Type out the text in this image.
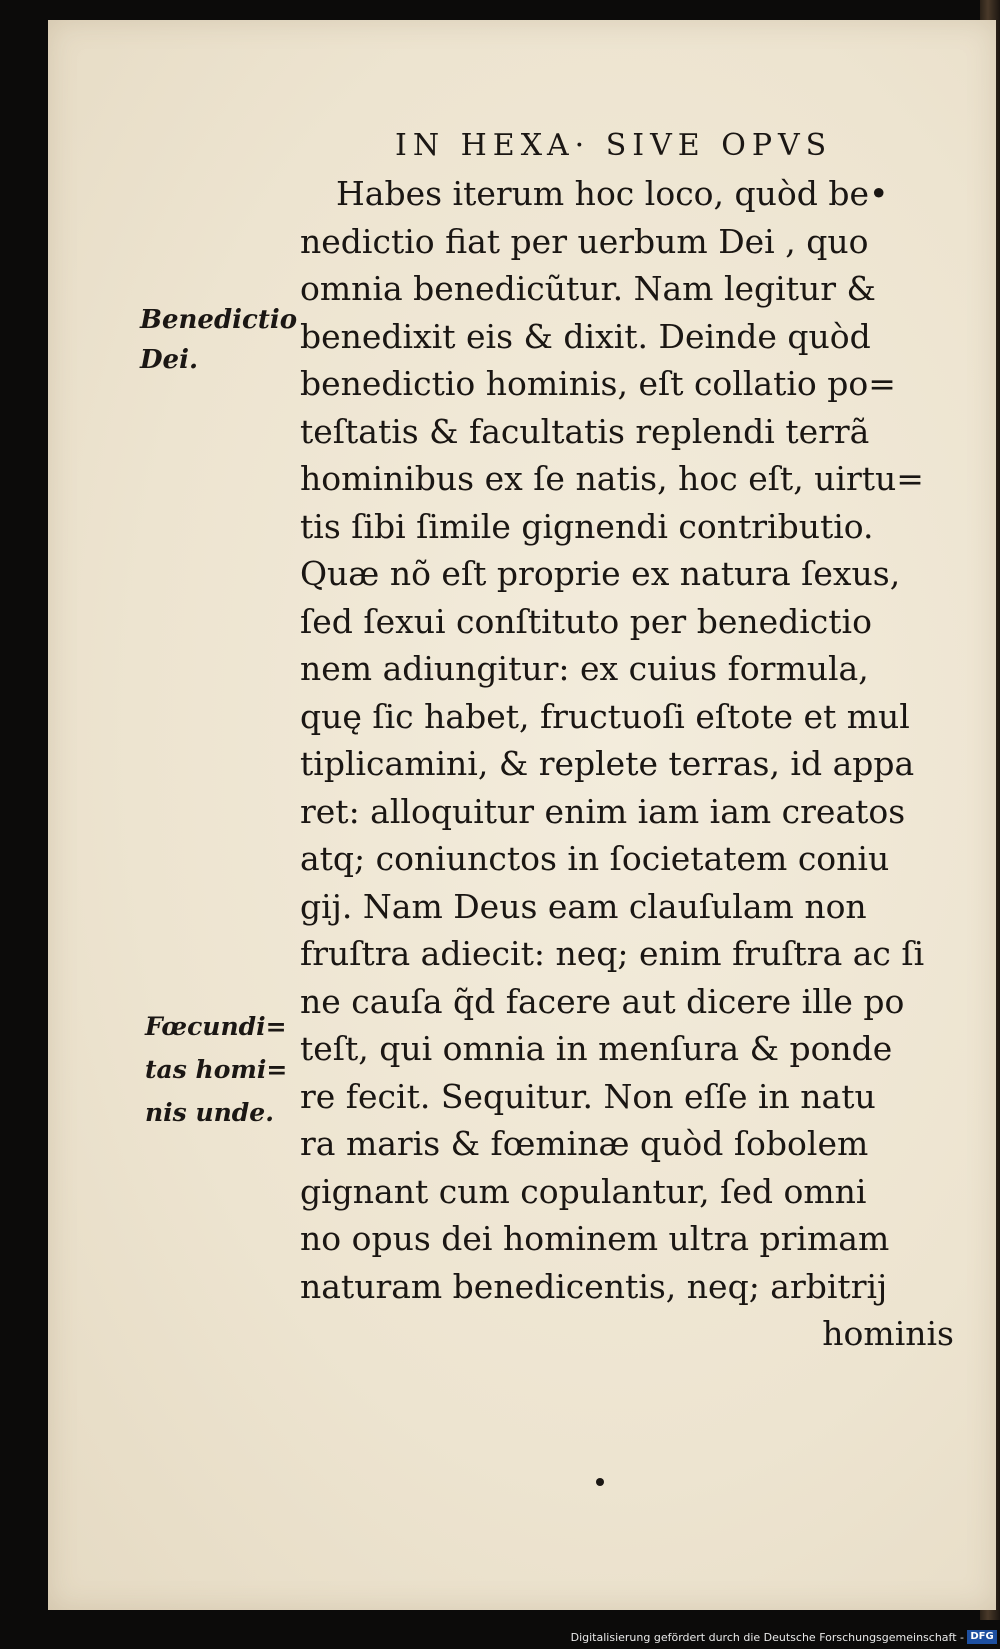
IN HEXA· SIVE OPVS
Habes iterum hoc loco, quòd be•
nedictio fiat per uerbum Dei , quo
omnia benedicũtur. Nam legitur &
benedixit eis & dixit. Deinde quòd
benedictio hominis, eſt collatio po=
teſtatis & facultatis replendi terrã
hominibus ex ſe natis, hoc eſt, uirtu=
tis ſibi ſimile gignendi contributio.
Quæ nõ eſt proprie ex natura ſexus,
ſed ſexui conſtituto per benedictio
nem adiungitur: ex cuius formula,
quę ſic habet, fructuoſi eſtote et mul
tiplicamini, & replete terras, id appa
ret: alloquitur enim iam iam creatos
atq; coniunctos in ſocietatem coniu
gij. Nam Deus eam clauſulam non
fruſtra adiecit: neq; enim fruſtra ac ſi
ne cauſa q̃d facere aut dicere ille po
teſt, qui omnia in menſura & ponde
re fecit. Sequitur. Non eſſe in natu
ra maris & fœminæ quòd ſobolem
gignant cum copulantur, ſed omni
no opus dei hominem ultra primam
naturam benedicentis, neq; arbitrij
hominis
Benedictio
Dei.
Fœcundi=
tas homi=
nis unde.
Digitalisierung gefördert durch die Deutsche Forschungsgemeinschaft - DFG
